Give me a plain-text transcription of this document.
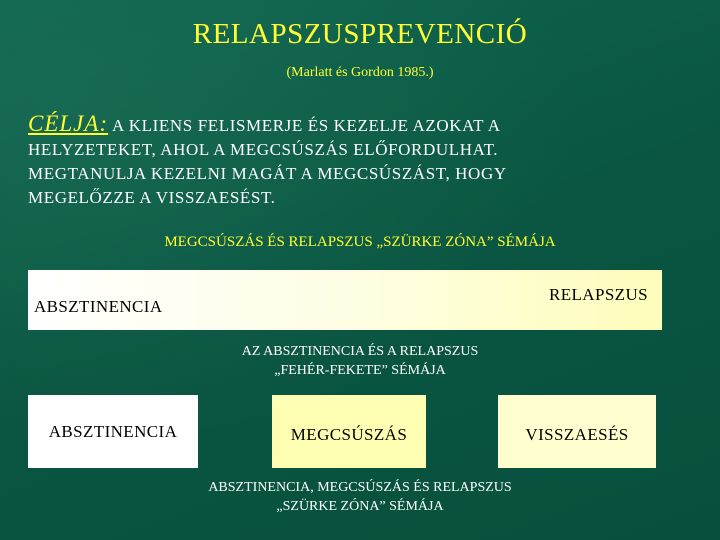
RELAPSZUSPREVENCIÓ
(Marlatt és Gordon 1985.)
CÉLJA: A KLIENS FELISMERJE ÉS KEZELJE AZOKAT A
HELYZETEKET, AHOL A MEGCSÚSZÁS ELŐFORDULHAT.
MEGTANULJA KEZELNI MAGÁT A MEGCSÚSZÁST, HOGY
MEGELŐZZE A VISSZAESÉST.
MEGCSÚSZÁS ÉS RELAPSZUS „SZÜRKE ZÓNA” SÉMÁJA
ABSZTINENCIA
RELAPSZUS
AZ ABSZTINENCIA ÉS A RELAPSZUS
„FEHÉR-FEKETE” SÉMÁJA
ABSZTINENCIA	MEGCSÚSZÁS	VISSZAESÉS
ABSZTINENCIA, MEGCSÚSZÁS ÉS RELAPSZUS
„SZÜRKE ZÓNA” SÉMÁJA
